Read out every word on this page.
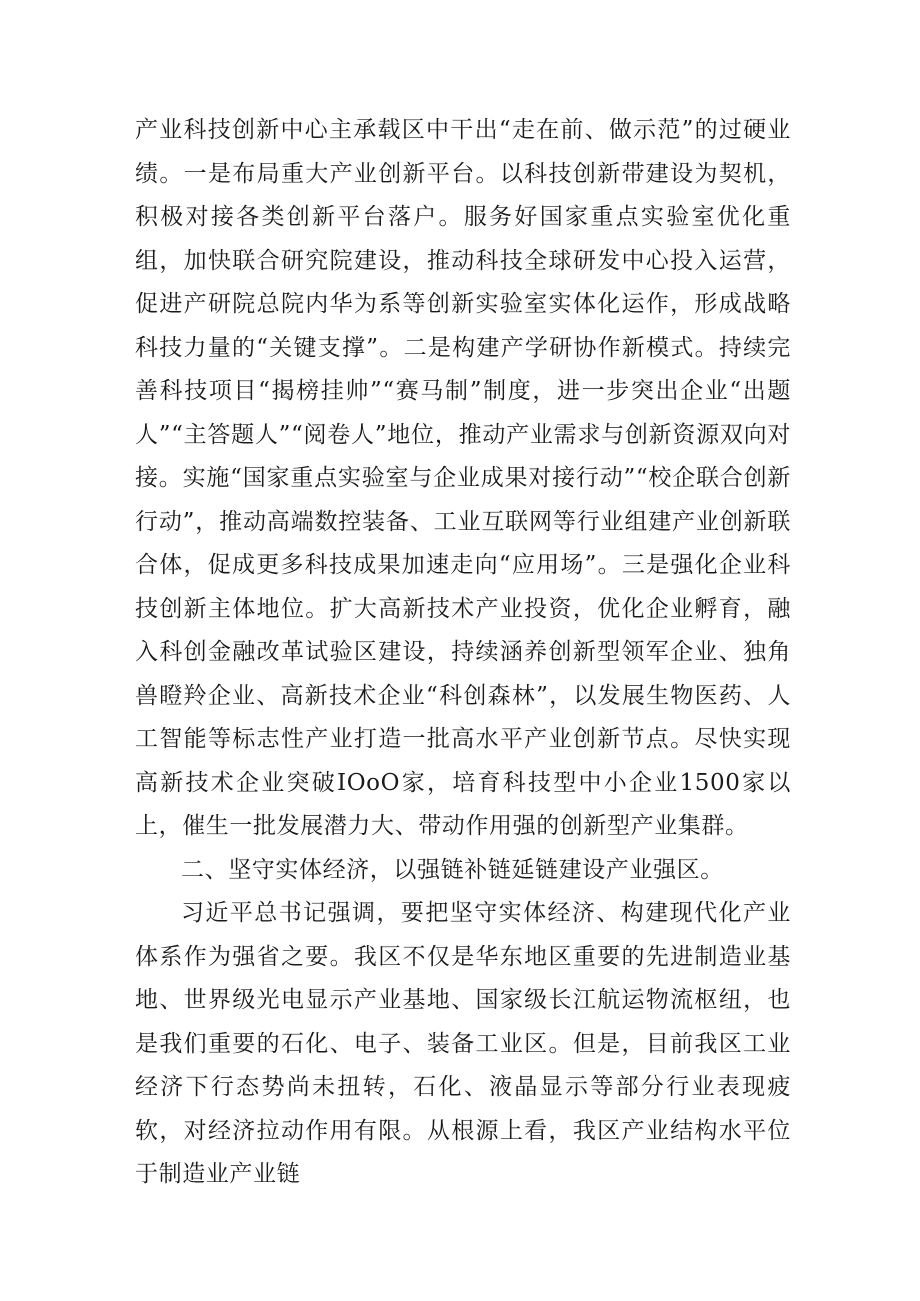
产业科技创新中心主承载区中干出“走在前、做示范”的过硬业绩。一是布局重大产业创新平台。以科技创新带建设为契机，积极对接各类创新平台落户。服务好国家重点实验室优化重组，加快联合研究院建设，推动科技全球研发中心投入运营，促进产研院总院内华为系等创新实验室实体化运作，形成战略科技力量的“关键支撑”。二是构建产学研协作新模式。持续完善科技项目“揭榜挂帅”“赛马制”制度，进一步突出企业“出题人”“主答题人”“阅卷人”地位，推动产业需求与创新资源双向对接。实施“国家重点实验室与企业成果对接行动”“校企联合创新行动”，推动高端数控装备、工业互联网等行业组建产业创新联合体，促成更多科技成果加速走向“应用场”。三是强化企业科技创新主体地位。扩大高新技术产业投资，优化企业孵育，融入科创金融改革试验区建设，持续涵养创新型领军企业、独角兽瞪羚企业、高新技术企业“科创森林”，以发展生物医药、人工智能等标志性产业打造一批高水平产业创新节点。尽快实现高新技术企业突破IOoO家，培育科技型中小企业1500家以上，催生一批发展潜力大、带动作用强的创新型产业集群。

二、坚守实体经济，以强链补链延链建设产业强区。

习近平总书记强调，要把坚守实体经济、构建现代化产业体系作为强省之要。我区不仅是华东地区重要的先进制造业基地、世界级光电显示产业基地、国家级长江航运物流枢纽，也是我们重要的石化、电子、装备工业区。但是，目前我区工业经济下行态势尚未扭转，石化、液晶显示等部分行业表现疲软，对经济拉动作用有限。从根源上看，我区产业结构水平位于制造业产业链
